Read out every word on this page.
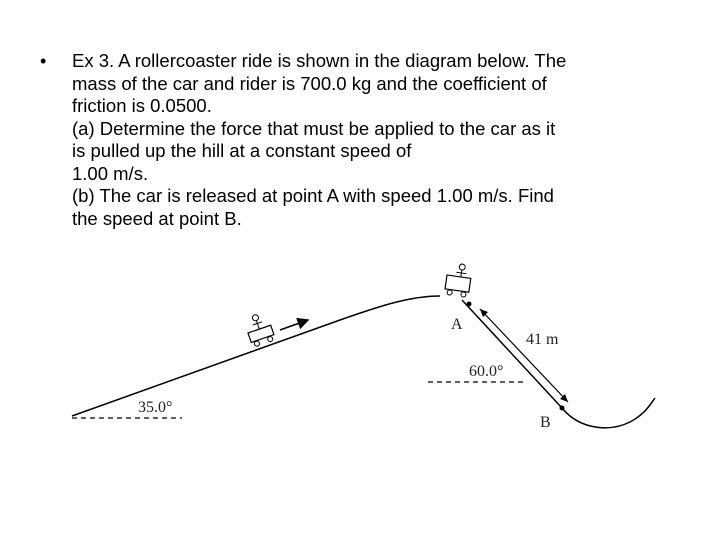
• Ex 3. A rollercoaster ride is shown in the diagram below. The
mass of the car and rider is 700.0 kg and the coefficient of
friction is 0.0500.
(a) Determine the force that must be applied to the car as it
is pulled up the hill at a constant speed of
1.00 m/s.
(b) The car is released at point A with speed 1.00 m/s. Find
the speed at point B.
35.0°
A
41 m
60.0°
B
